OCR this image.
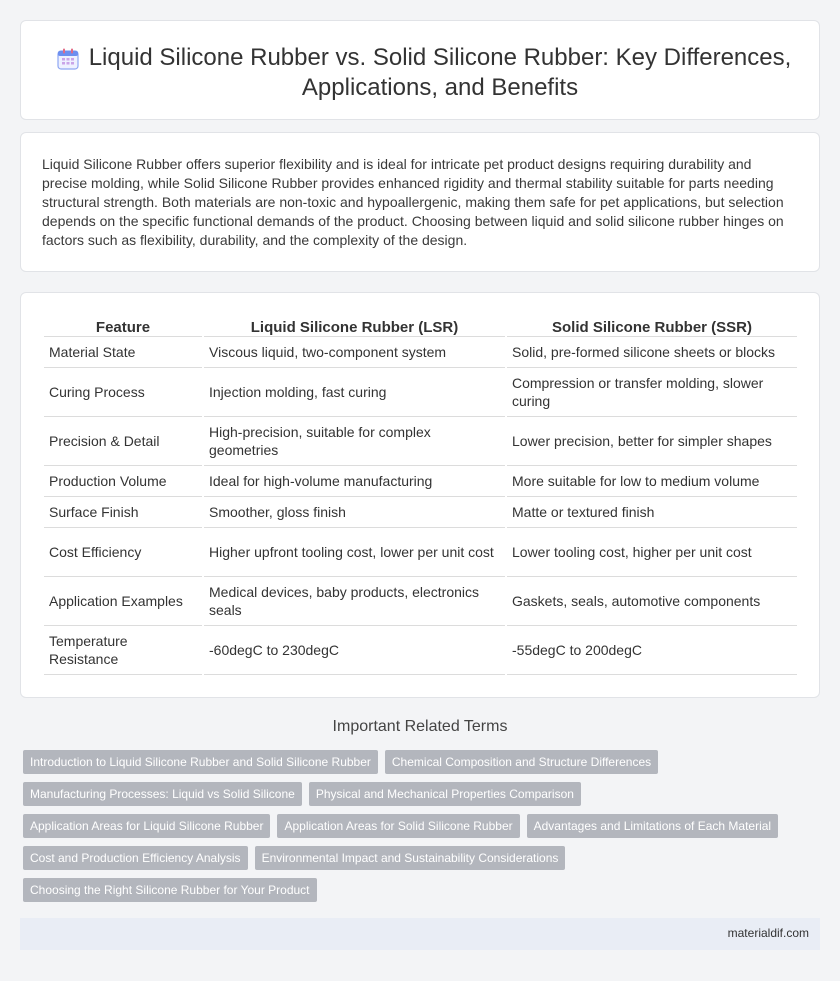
Liquid Silicone Rubber vs. Solid Silicone Rubber: Key Differences, Applications, and Benefits

Liquid Silicone Rubber offers superior flexibility and is ideal for intricate pet product designs requiring durability and precise molding, while Solid Silicone Rubber provides enhanced rigidity and thermal stability suitable for parts needing structural strength. Both materials are non-toxic and hypoallergenic, making them safe for pet applications, but selection depends on the specific functional demands of the product. Choosing between liquid and solid silicone rubber hinges on factors such as flexibility, durability, and the complexity of the design.

Feature	Liquid Silicone Rubber (LSR)	Solid Silicone Rubber (SSR)
Material State	Viscous liquid, two-component system	Solid, pre-formed silicone sheets or blocks
Curing Process	Injection molding, fast curing	Compression or transfer molding, slower curing
Precision & Detail	High-precision, suitable for complex geometries	Lower precision, better for simpler shapes
Production Volume	Ideal for high-volume manufacturing	More suitable for low to medium volume
Surface Finish	Smoother, gloss finish	Matte or textured finish
Cost Efficiency	Higher upfront tooling cost, lower per unit cost	Lower tooling cost, higher per unit cost
Application Examples	Medical devices, baby products, electronics seals	Gaskets, seals, automotive components
Temperature Resistance	-60degC to 230degC	-55degC to 200degC
Important Related Terms
Introduction to Liquid Silicone Rubber and Solid Silicone Rubber	Chemical Composition and Structure Differences
Manufacturing Processes: Liquid vs Solid Silicone	Physical and Mechanical Properties Comparison
Application Areas for Liquid Silicone Rubber	Application Areas for Solid Silicone Rubber	Advantages and Limitations of Each Material
Cost and Production Efficiency Analysis	Environmental Impact and Sustainability Considerations
Choosing the Right Silicone Rubber for Your Product
materialdif.com
